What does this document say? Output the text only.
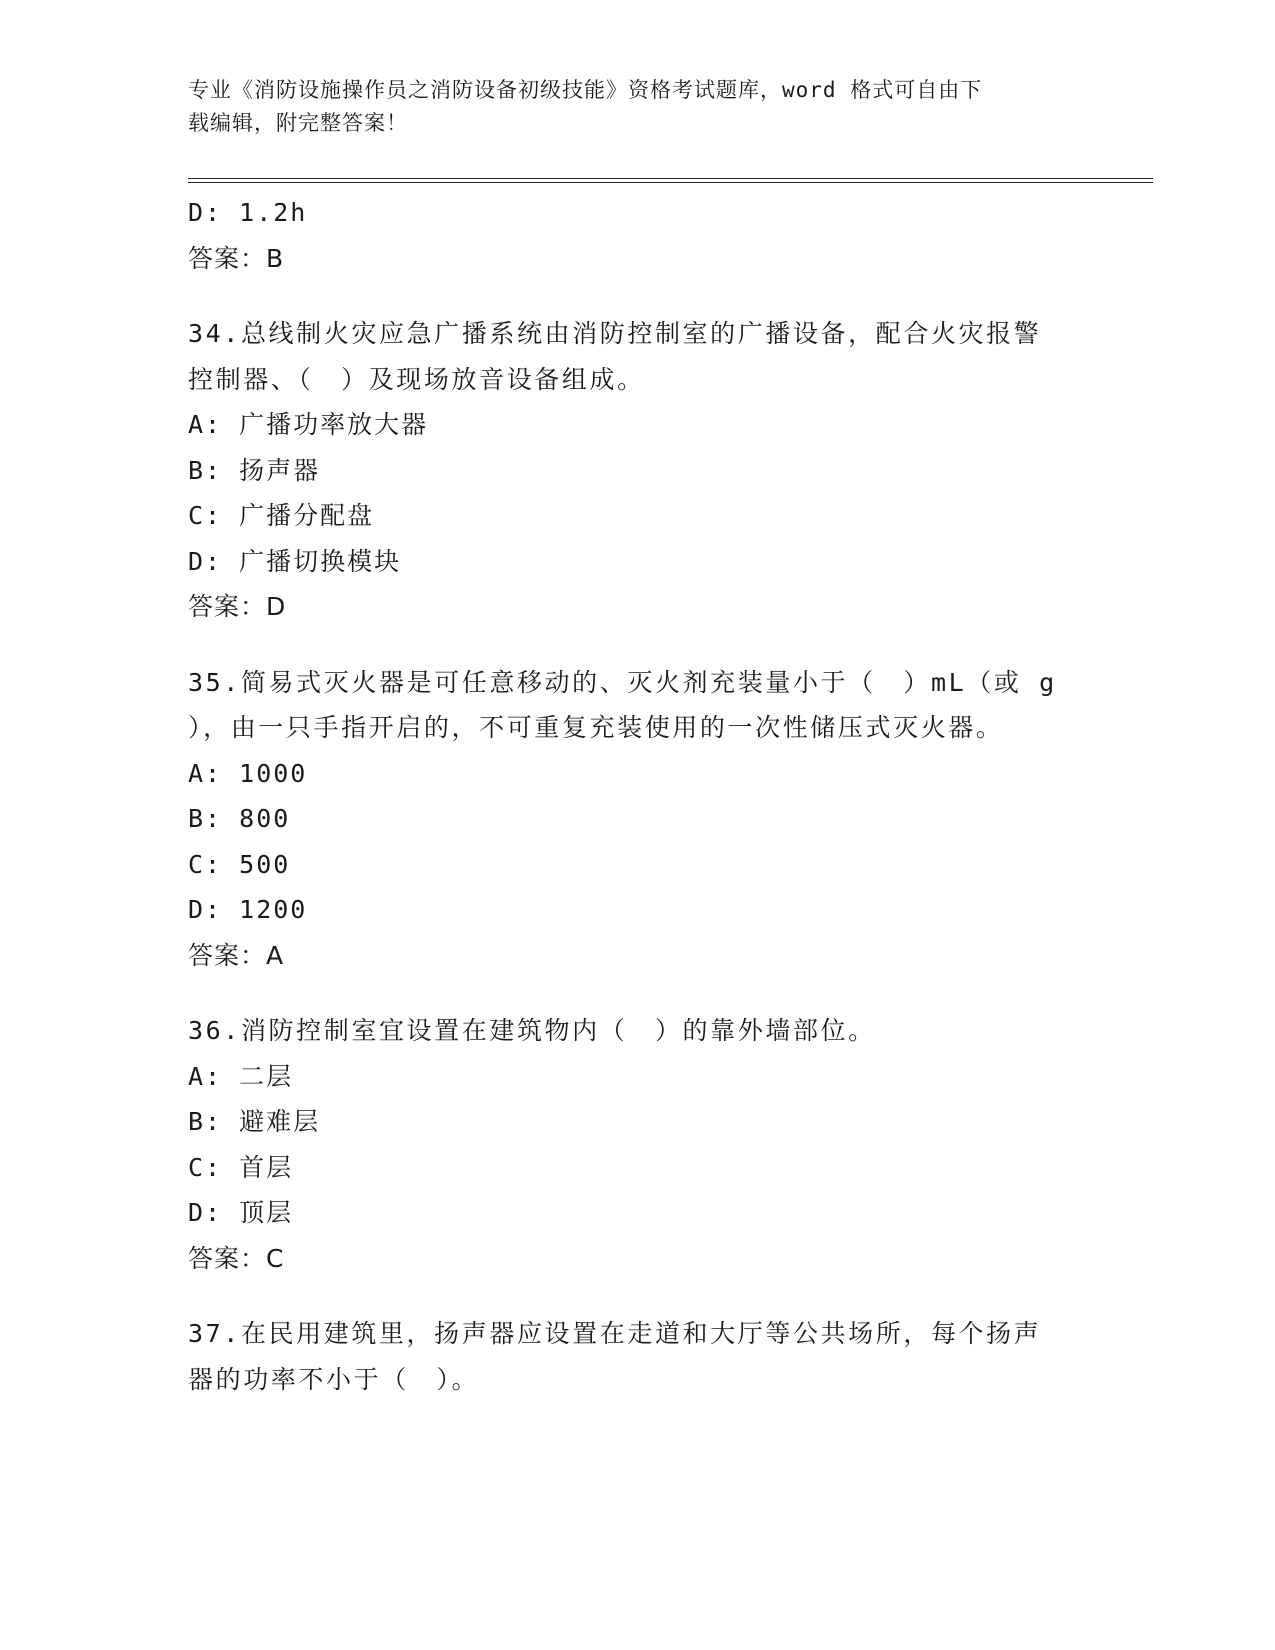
专业《消防设施操作员之消防设备初级技能》资格考试题库，word 格式可自由下
载编辑，附完整答案！
D: 1.2h
答案：B
34.总线制火灾应急广播系统由消防控制室的广播设备，配合火灾报警
控制器、（　）及现场放音设备组成。
A: 广播功率放大器
B: 扬声器
C: 广播分配盘
D: 广播切换模块
答案：D
35.简易式灭火器是可任意移动的、灭火剂充装量小于（　）mL（或 g
），由一只手指开启的，不可重复充装使用的一次性储压式灭火器。
A: 1000
B: 800
C: 500
D: 1200
答案：A
36.消防控制室宜设置在建筑物内（　）的靠外墙部位。
A: 二层
B: 避难层
C: 首层
D: 顶层
答案：C
37.在民用建筑里，扬声器应设置在走道和大厅等公共场所，每个扬声
器的功率不小于（　）。
